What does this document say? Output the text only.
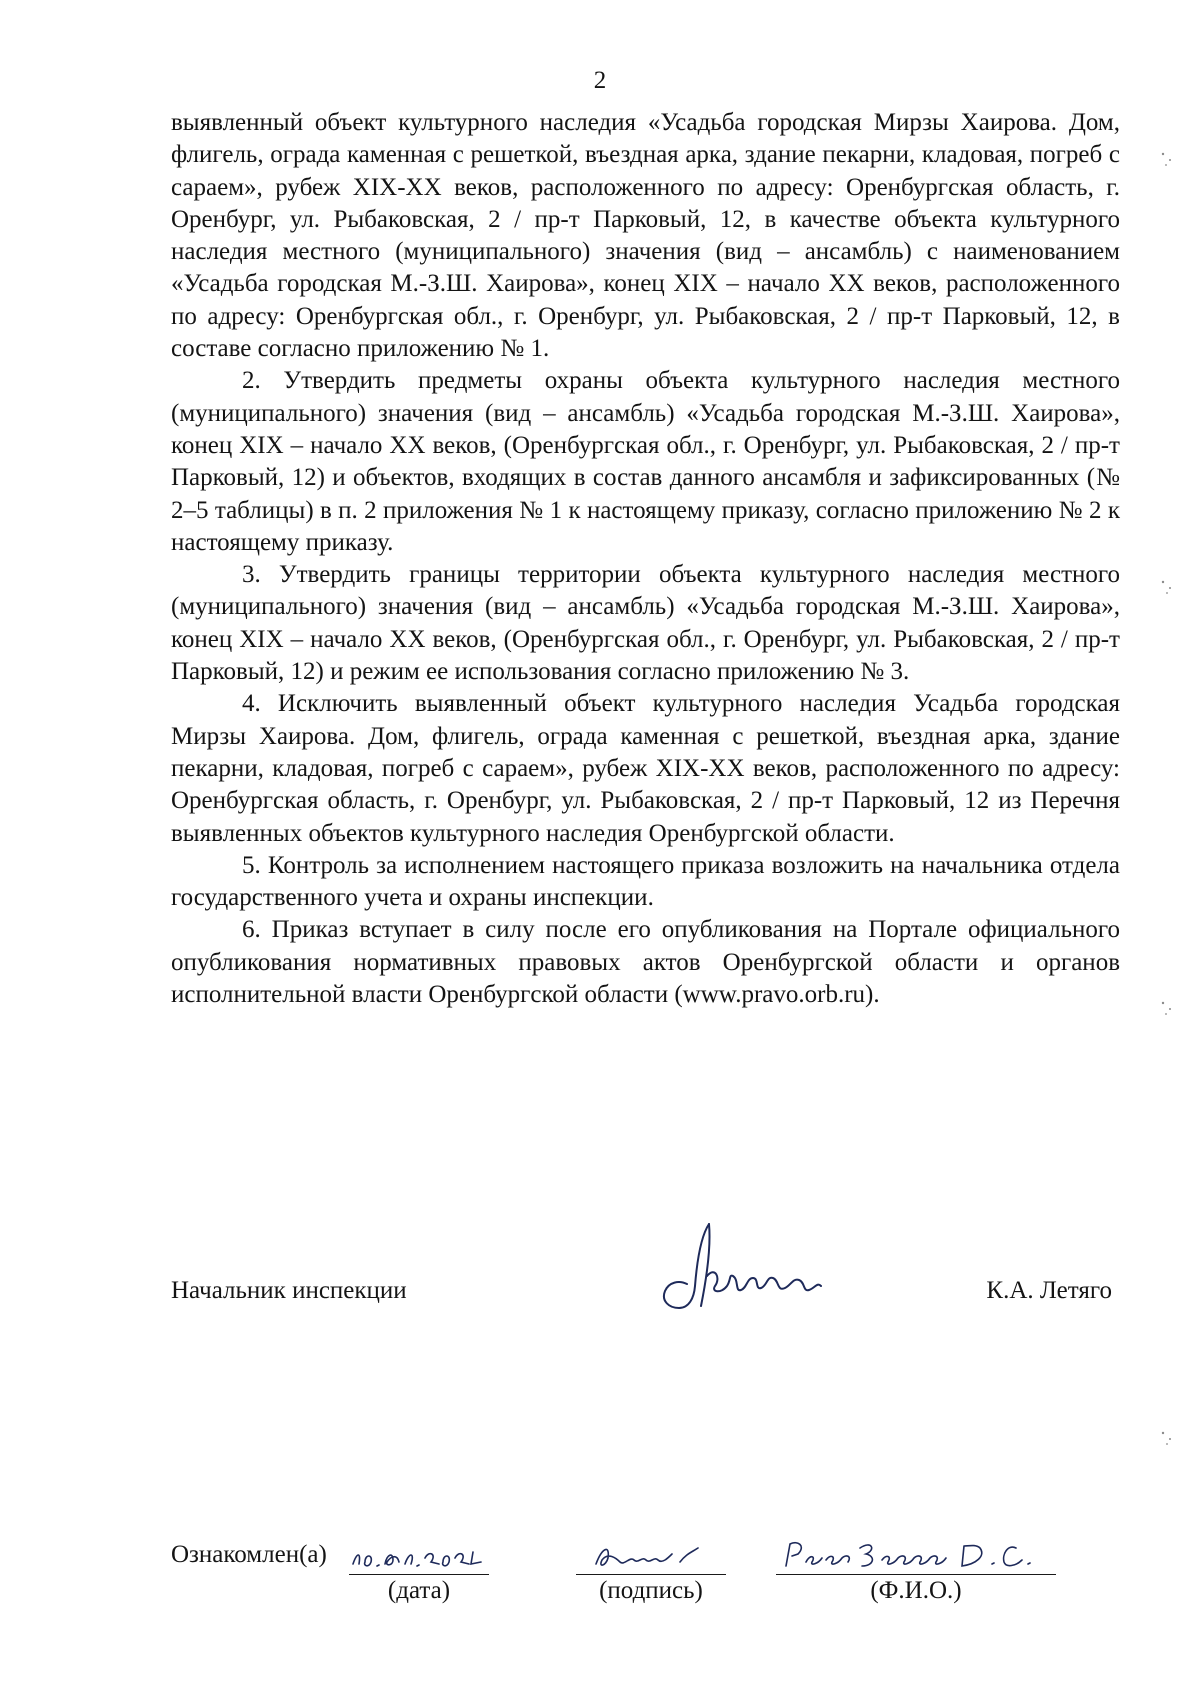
2

выявленный объект культурного наследия «Усадьба городская Мирзы Хаирова. Дом, флигель, ограда каменная с решеткой, въездная арка, здание пекарни, кладовая, погреб с сараем», рубеж XIX-XX веков, расположенного по адресу: Оренбургская область, г. Оренбург, ул. Рыбаковская, 2 / пр-т Парковый, 12, в качестве объекта культурного наследия местного (муниципального) значения (вид – ансамбль) с наименованием «Усадьба городская М.-З.Ш. Хаирова», конец XIX – начало XX веков, расположенного по адресу: Оренбургская обл., г. Оренбург, ул. Рыбаковская, 2 / пр-т Парковый, 12, в составе согласно приложению № 1.

2. Утвердить предметы охраны объекта культурного наследия местного (муниципального) значения (вид – ансамбль) «Усадьба городская М.-З.Ш. Хаирова», конец XIX – начало XX веков, (Оренбургская обл., г. Оренбург, ул. Рыбаковская, 2 / пр-т Парковый, 12) и объектов, входящих в состав данного ансамбля и зафиксированных (№ 2–5 таблицы) в п. 2 приложения № 1 к настоящему приказу, согласно приложению № 2 к настоящему приказу.

3. Утвердить границы территории объекта культурного наследия местного (муниципального) значения (вид – ансамбль) «Усадьба городская М.-З.Ш. Хаирова», конец XIX – начало XX веков, (Оренбургская обл., г. Оренбург, ул. Рыбаковская, 2 / пр-т Парковый, 12) и режим ее использования согласно приложению № 3.

4. Исключить выявленный объект культурного наследия Усадьба городская Мирзы Хаирова. Дом, флигель, ограда каменная с решеткой, въездная арка, здание пекарни, кладовая, погреб с сараем», рубеж XIX-XX веков, расположенного по адресу: Оренбургская область, г. Оренбург, ул. Рыбаковская, 2 / пр-т Парковый, 12 из Перечня выявленных объектов культурного наследия Оренбургской области.

5. Контроль за исполнением настоящего приказа возложить на начальника отдела государственного учета и охраны инспекции.

6. Приказ вступает в силу после его опубликования на Портале официального опубликования нормативных правовых актов Оренбургской области и органов исполнительной власти Оренбургской области (www.pravo.orb.ru).

Начальник инспекции	К.А. Летяго
Ознакомлен(а)
(дата)	(подпись)	(Ф.И.О.)
